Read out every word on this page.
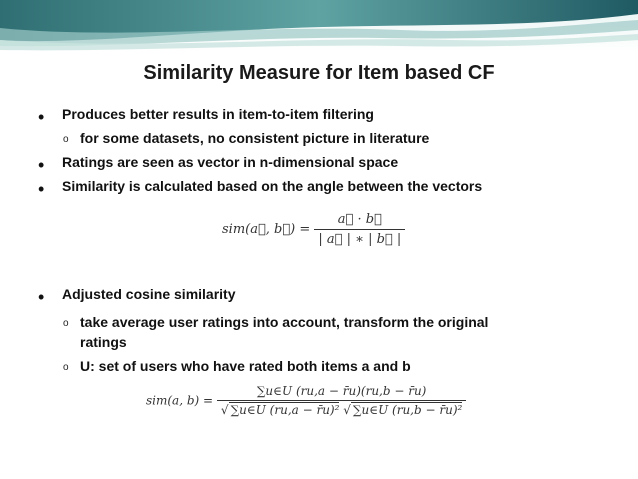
Similarity Measure for Item based CF
• Produces better results in item-to-item filtering
o for some datasets, no consistent picture in literature
• Ratings are seen as vector in n-dimensional space
• Similarity is calculated based on the angle between the vectors
sim(a⃗, b⃗) = $\frac{a⃗ \cdot b⃗}{| a⃗ | ∗ | b⃗ |}$
• Adjusted cosine similarity
o take average user ratings into account, transform the original
ratings
o U: set of users who have rated both items a and b
sim(a, $b) = \frac{\sum u\in U (ru,a - r̄u)(ru,b - r̄u)}{\text{√ ∑u∈U (ru,a − r̄u)² √ ∑u∈U (ru,b − r̄u)²}}$
